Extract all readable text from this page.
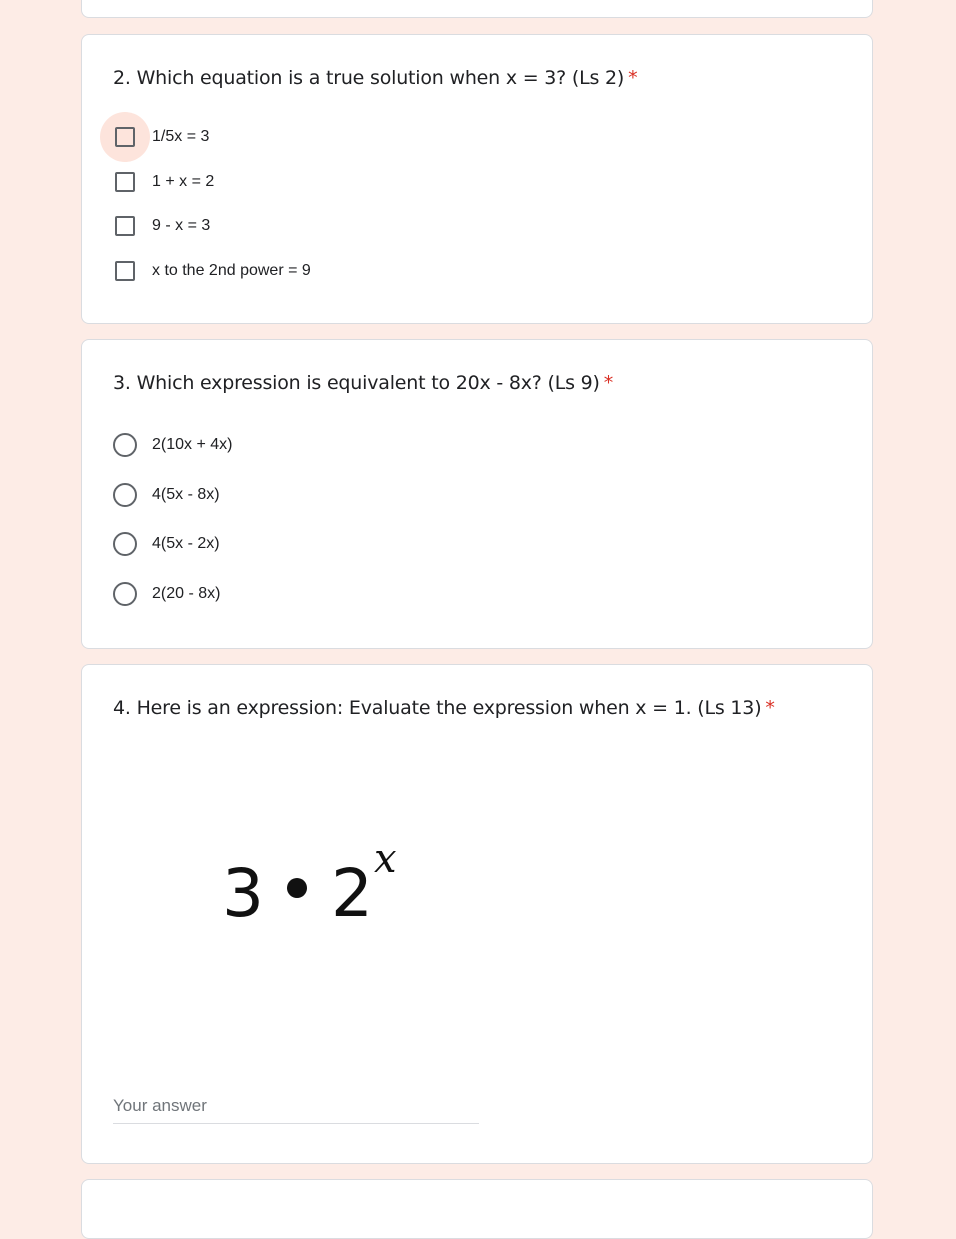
2. Which equation is a true solution when x = 3? (Ls 2) *
1/5x = 3
1 + x = 2
9 - x = 3
x to the 2nd power = 9
3. Which expression is equivalent to 20x - 8x? (Ls 9) *
2(10x + 4x)
4(5x - 8x)
4(5x - 2x)
2(20 - 8x)
4. Here is an expression: Evaluate the expression when x = 1. (Ls 13) *
3 2x
Your answer
